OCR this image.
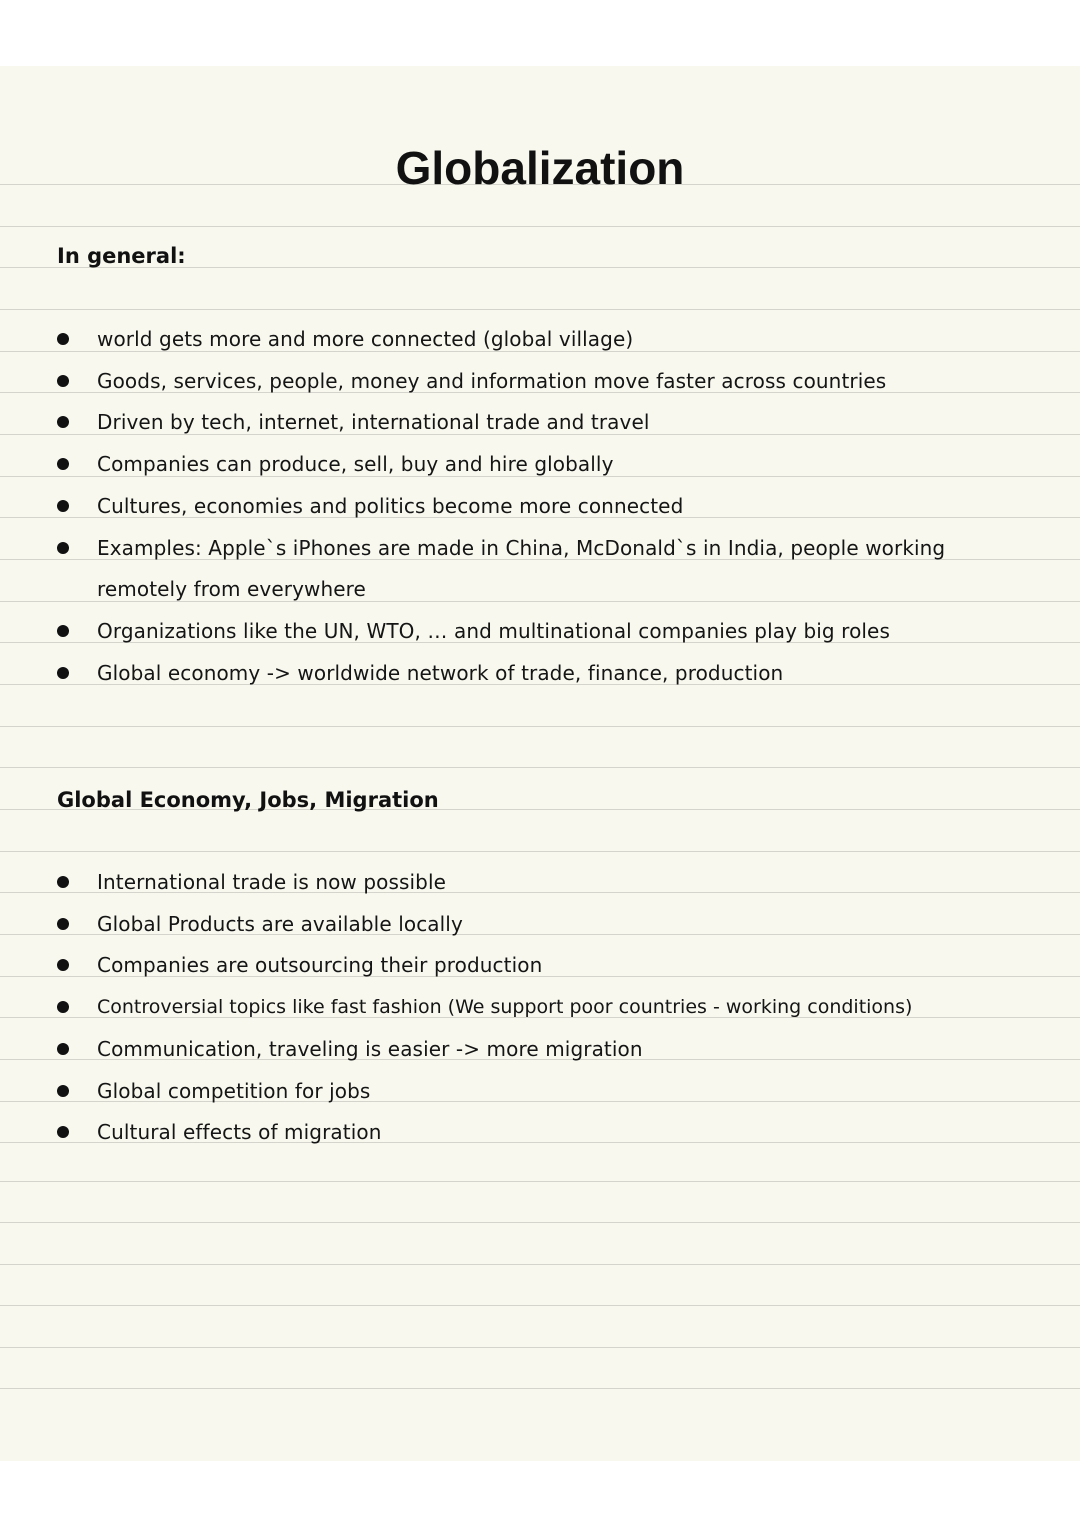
Globalization
In general:
world gets more and more connected (global village)
Goods, services, people, money and information move faster across countries
Driven by tech, internet, international trade and travel
Companies can produce, sell, buy and hire globally
Cultures, economies and politics become more connected
Examples: Apple`s iPhones are made in China, McDonald`s in India, people working remotely from everywhere
Organizations like the UN, WTO, … and multinational companies play big roles
Global economy -> worldwide network of trade, finance, production
Global Economy, Jobs, Migration
International trade is now possible
Global Products are available locally
Companies are outsourcing their production
Controversial topics like fast fashion (We support poor countries - working conditions)
Communication, traveling is easier -> more migration
Global competition for jobs
Cultural effects of migration
